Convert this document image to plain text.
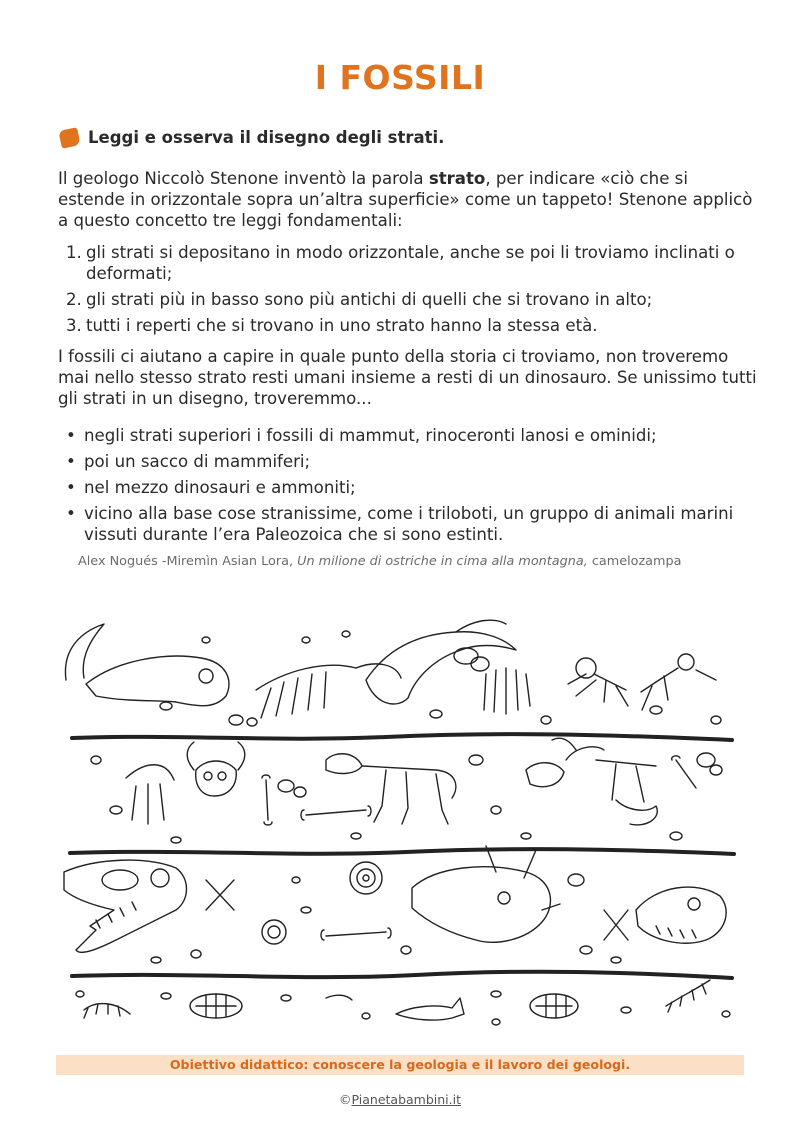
I FOSSILI
Leggi e osserva il disegno degli strati.
Il geologo Niccolò Stenone inventò la parola strato, per indicare «ciò che si estende in orizzontale sopra un’altra superficie» come un tappeto! Stenone applicò a questo concetto tre leggi fondamentali:
1. gli strati si depositano in modo orizzontale, anche se poi li troviamo inclinati o deformati;
2. gli strati più in basso sono più antichi di quelli che si trovano in alto;
3. tutti i reperti che si trovano in uno strato hanno la stessa età.
I fossili ci aiutano a capire in quale punto della storia ci troviamo, non troveremo mai nello stesso strato resti umani insieme a resti di un dinosauro. Se unissimo tutti gli strati in un disegno, troveremmo...
• negli strati superiori i fossili di mammut, rinoceronti lanosi e ominidi;
• poi un sacco di mammiferi;
• nel mezzo dinosauri e ammoniti;
• vicino alla base cose stranissime, come i triloboti, un gruppo di animali marini vissuti durante l’era Paleozoica che si sono estinti.
Alex Nogués -Miremìn Asian Lora, Un milione di ostriche in cima alla montagna, camelozampa
Obiettivo didattico: conoscere la geologia e il lavoro dei geologi.
©Pianetabambini.it
